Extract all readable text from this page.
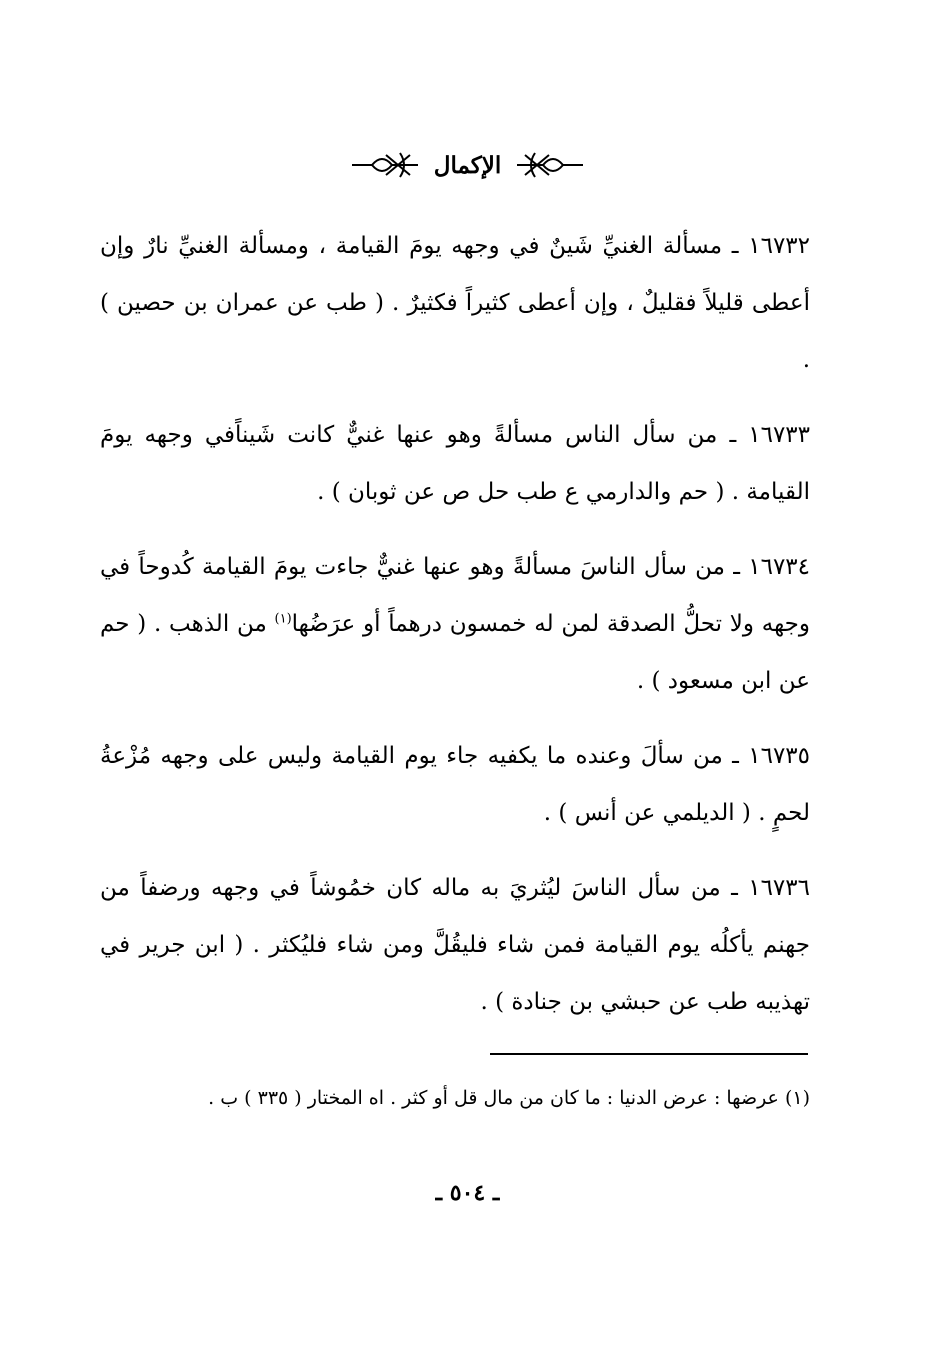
الإكمال

١٦٧٣٢ ـ مسألة الغنيِّ شَينٌ في وجهه يومَ القيامة ، ومسألة الغنيِّ نارٌ وإن أعطى قليلاً فقليلٌ ، وإن أعطى كثيراً فكثيرٌ . ( طب عن عمران بن حصين ) .

١٦٧٣٣ ـ من سأل الناس مسألةً وهو عنها غنيٌّ كانت شَيناًفي وجهه يومَ القيامة . ( حم والدارمي ع طب حل ص عن ثوبان ) .

١٦٧٣٤ ـ من سأل الناسَ مسألةً وهو عنها غنيٌّ جاءت يومَ القيامة كُدوحاً في وجهه ولا تحلُّ الصدقة لمن له خمسون درهماً أو عرَضُها$^{(١)}$ من الذهب . ( حم عن ابن مسعود ) .

١٦٧٣٥ ـ من سألَ وعنده ما يكفيه جاء يوم القيامة وليس على وجهه مُزْعةُ لحمٍ . ( الديلمي عن أنس ) .

١٦٧٣٦ ـ من سأل الناسَ ليُثريَ به ماله كان خمُوشاً في وجهه ورضفاً من جهنم يأكلُه يوم القيامة فمن شاء فليقُلَّ ومن شاء فليُكثر . ( ابن جرير في تهذيبه طب عن حبشي بن جنادة ) .

(١) عرضها : عرض الدنيا : ما كان من مال قل أو كثر . اه المختار ( ٣٣٥ ) ب .
ـ ٥٠٤ ـ
